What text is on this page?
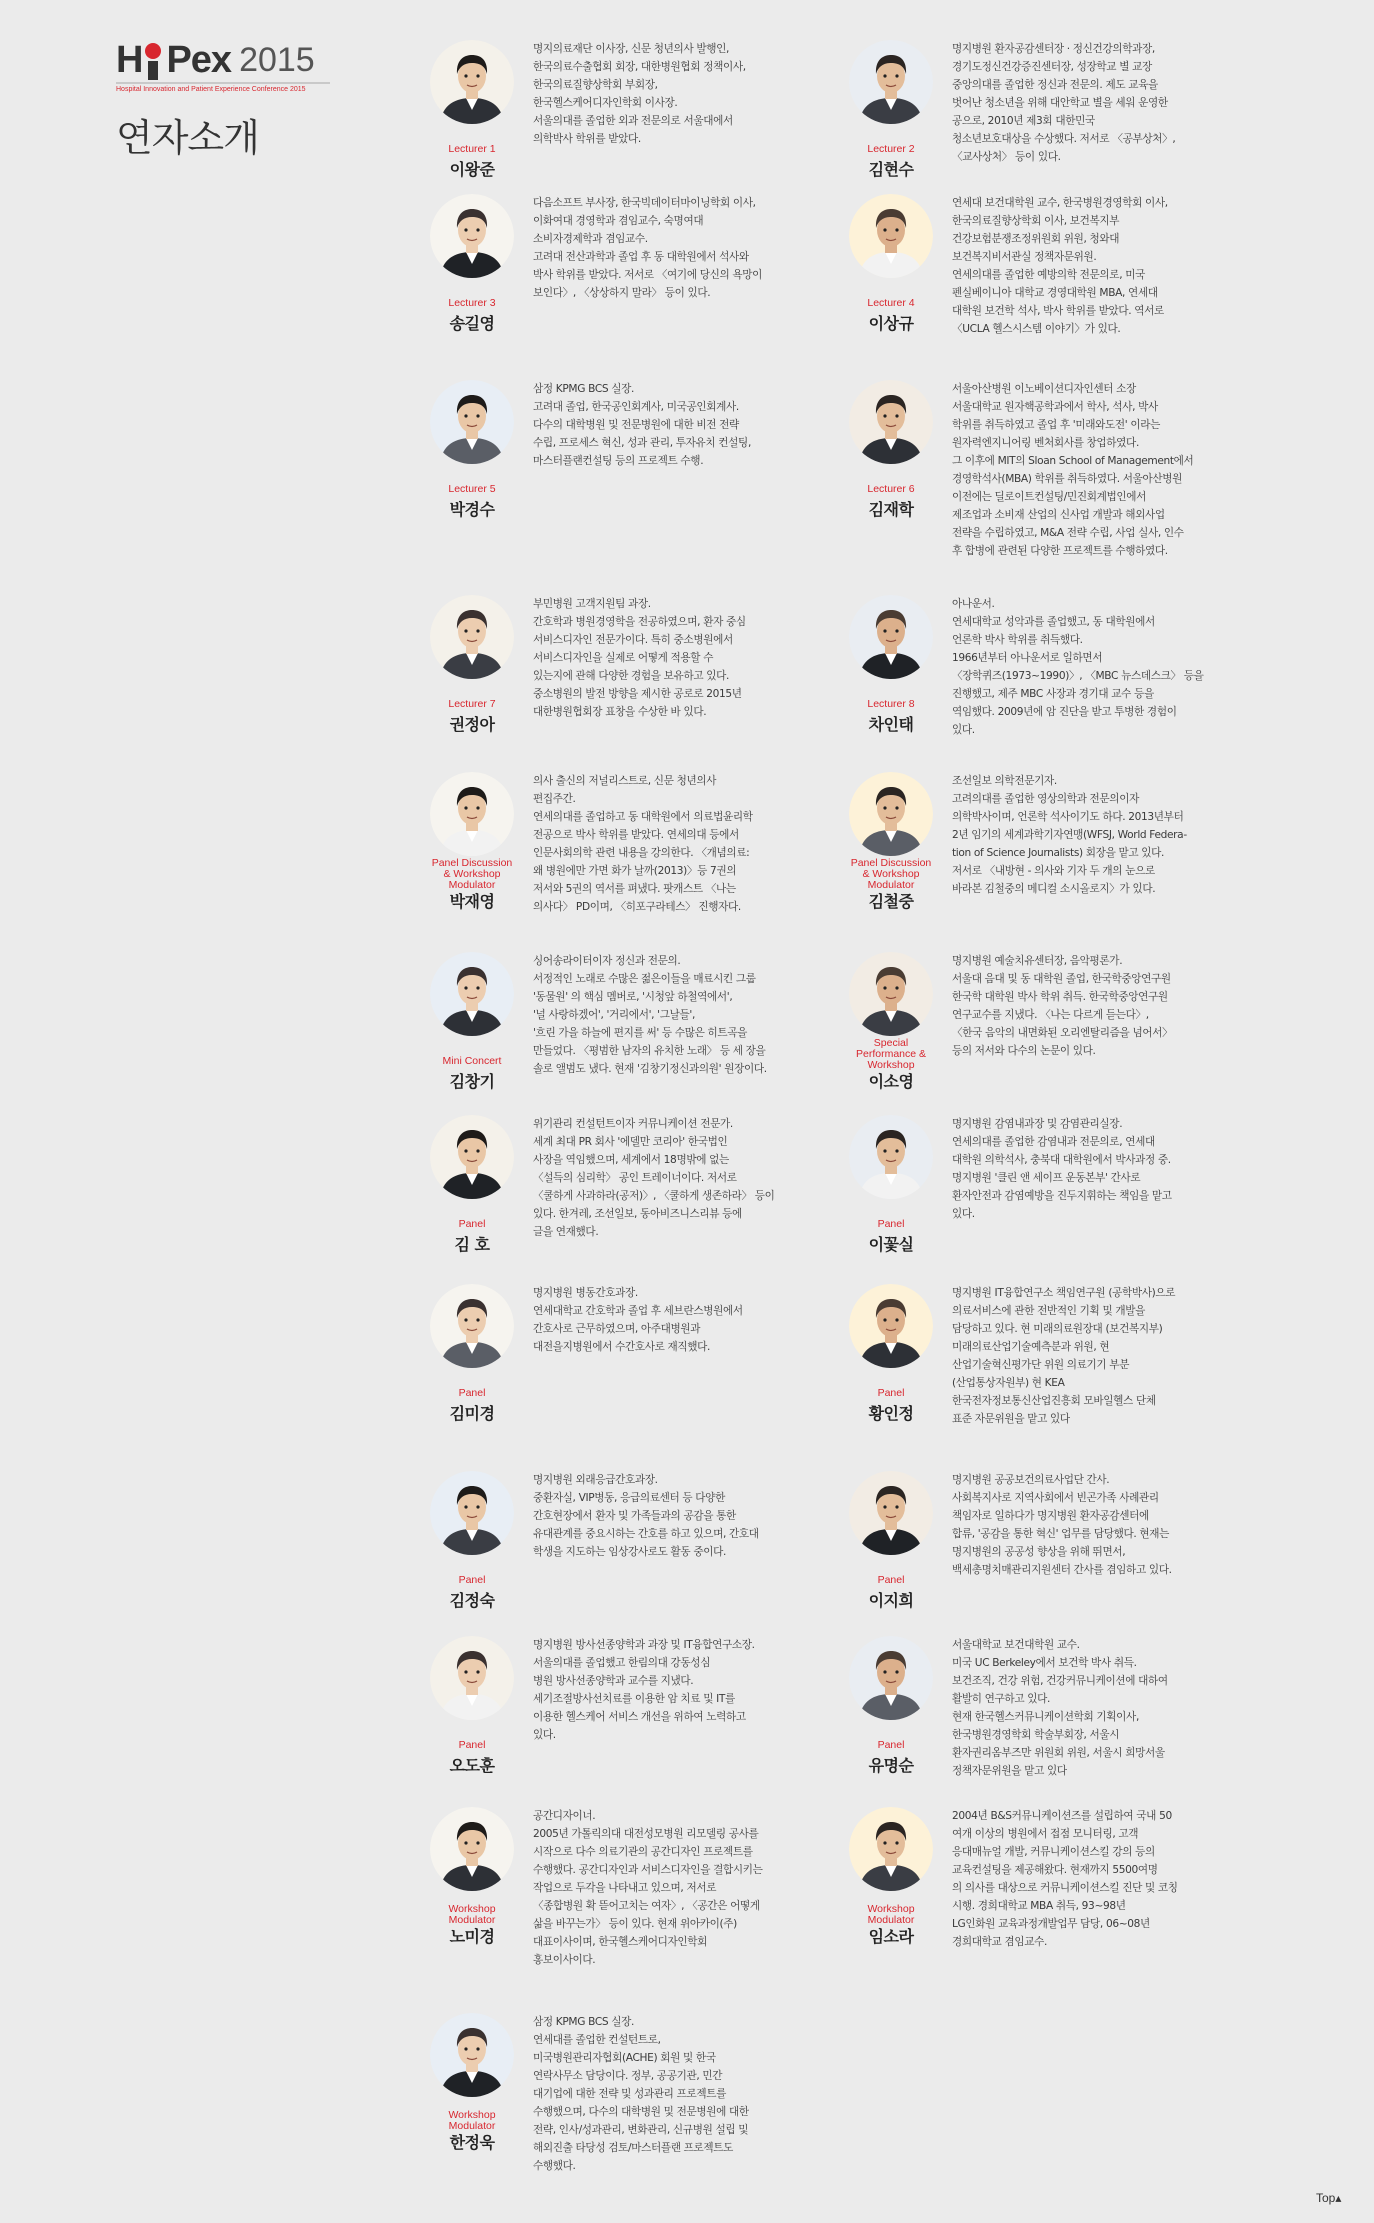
H Pex 2015
Hospital Innovation and Patient Experience Conference 2015
연자소개	Lecturer 1
이왕준

명지의료재단 이사장, 신문 청년의사 발행인,

한국의료수출협회 회장, 대한병원협회 정책이사,

한국의료질향상학회 부회장,

한국헬스케어디자인학회 이사장.

서울의대를 졸업한 외과 전문의로 서울대에서

의학박사 학위를 받았다.

Lecturer 2
김현수

명지병원 환자공감센터장 · 정신건강의학과장,

경기도정신건강증진센터장, 성장학교 별 교장

중앙의대를 졸업한 정신과 전문의. 제도 교육을

벗어난 청소년을 위해 대안학교 별을 세워 운영한

공으로, 2010년 제3회 대한민국

청소년보호대상을 수상했다. 저서로 〈공부상처〉,

〈교사상처〉 등이 있다.

Lecturer 3
송길영

다음소프트 부사장, 한국빅데이터마이닝학회 이사,

이화여대 경영학과 겸임교수, 숙명여대

소비자경제학과 겸임교수.

고려대 전산과학과 졸업 후 동 대학원에서 석사와

박사 학위를 받았다. 저서로 〈여기에 당신의 욕망이

보인다〉, 〈상상하지 말라〉 등이 있다.

Lecturer 4
이상규

연세대 보건대학원 교수, 한국병원경영학회 이사,

한국의료질향상학회 이사, 보건복지부

건강보험분쟁조정위원회 위원, 청와대

보건복지비서관실 정책자문위원.

연세의대를 졸업한 예방의학 전문의로, 미국

펜실베이니아 대학교 경영대학원 MBA, 연세대

대학원 보건학 석사, 박사 학위를 받았다. 역서로

〈UCLA 헬스시스템 이야기〉가 있다.

Lecturer 5
박경수

삼정 KPMG BCS 실장.

고려대 졸업, 한국공인회계사, 미국공인회계사.

다수의 대학병원 및 전문병원에 대한 비전 전략

수립, 프로세스 혁신, 성과 관리, 투자유치 컨설팅,

마스터플랜컨설팅 등의 프로젝트 수행.

Lecturer 6
김재학

서울아산병원 이노베이션디자인센터 소장

서울대학교 원자핵공학과에서 학사, 석사, 박사

학위를 취득하였고 졸업 후 '미래와도전' 이라는

원자력엔지니어링 벤처회사를 창업하였다.

그 이후에 MIT의 Sloan School of Management에서

경영학석사(MBA) 학위를 취득하였다. 서울아산병원

이전에는 딜로이트컨설팅/민진회계법인에서

제조업과 소비재 산업의 신사업 개발과 해외사업

전략을 수립하였고, M&A 전략 수립, 사업 실사, 인수

후 합병에 관련된 다양한 프로젝트를 수행하였다.

Lecturer 7
권정아

부민병원 고객지원팀 과장.

간호학과 병원경영학을 전공하였으며, 환자 중심

서비스디자인 전문가이다. 특히 중소병원에서

서비스디자인을 실제로 어떻게 적용할 수

있는지에 관해 다양한 경험을 보유하고 있다.

중소병원의 발전 방향을 제시한 공로로 2015년

대한병원협회장 표창을 수상한 바 있다.

Lecturer 8
차인태

아나운서.

연세대학교 성악과를 졸업했고, 동 대학원에서

언론학 박사 학위를 취득했다.

1966년부터 아나운서로 일하면서

〈장학퀴즈(1973~1990)〉, 〈MBC 뉴스데스크〉 등을

진행했고, 제주 MBC 사장과 경기대 교수 등을

역임했다. 2009년에 암 진단을 받고 투병한 경험이

있다.

Panel Discussion
& Workshop
Modulator
박재영

의사 출신의 저널리스트로, 신문 청년의사

편집주간.

연세의대를 졸업하고 동 대학원에서 의료법윤리학

전공으로 박사 학위를 받았다. 연세의대 등에서

인문사회의학 관련 내용을 강의한다. 〈개념의료:

왜 병원에만 가면 화가 날까(2013)〉등 7권의

저서와 5권의 역서를 펴냈다. 팟캐스트 〈나는

의사다〉 PD이며, 〈히포구라테스〉 진행자다.

Panel Discussion
& Workshop
Modulator
김철중

조선일보 의학전문기자.

고려의대를 졸업한 영상의학과 전문의이자

의학박사이며, 언론학 석사이기도 하다. 2013년부터

2년 임기의 세계과학기자연맹(WFSJ, World Federa-

tion of Science Journalists) 회장을 맡고 있다.

저서로 〈내방현 - 의사와 기자 두 개의 눈으로

바라본 김철중의 메디컬 소시올로지〉가 있다.

Mini Concert
김창기

싱어송라이터이자 정신과 전문의.

서정적인 노래로 수많은 젊은이들을 매료시킨 그룹

'동물원' 의 핵심 멤버로, '시청앞 하철역에서',

'널 사랑하겠어', '거리에서', '그날들',

'흐린 가을 하늘에 편지를 써' 등 수많은 히트곡을

만들었다. 〈평범한 남자의 유치한 노래〉 등 세 장을

솔로 앨범도 냈다. 현재 '김창기정신과의원' 원장이다.

Special
Performance &
Workshop
이소영

명지병원 예술치유센터장, 음악평론가.

서울대 음대 및 동 대학원 졸업, 한국학중앙연구원

한국학 대학원 박사 학위 취득. 한국학중앙연구원

연구교수를 지냈다. 〈나는 다르게 듣는다〉,

〈한국 음악의 내면화된 오리엔탈리즘을 넘어서〉

등의 저서와 다수의 논문이 있다.

Panel
김 호

위기관리 컨설턴트이자 커뮤니케이션 전문가.

세계 최대 PR 회사 '에델만 코리아' 한국법인

사장을 역임했으며, 세계에서 18명밖에 없는

〈설득의 심리학〉 공인 트레이너이다. 저서로

〈쿨하게 사과하라(공저)〉, 〈쿨하게 생존하라〉 등이

있다. 한겨레, 조선일보, 동아비즈니스리뷰 등에

글을 연재했다.

Panel
이꽃실

명지병원 감염내과장 및 감염관리실장.

연세의대를 졸업한 감염내과 전문의로, 연세대

대학원 의학석사, 충북대 대학원에서 박사과정 중.

명지병원 '클린 앤 세이프 운동본부' 간사로

환자안전과 감염예방을 진두지휘하는 책임을 맡고

있다.

Panel
김미경

명지병원 병동간호과장.

연세대학교 간호학과 졸업 후 세브란스병원에서

간호사로 근무하였으며, 아주대병원과

대전을지병원에서 수간호사로 재직했다.

Panel
황인정

명지병원 IT융합연구소 책임연구원 (공학박사)으로

의료서비스에 관한 전반적인 기획 및 개발을

담당하고 있다. 현 미래의료원장대 (보건복지부)

미래의료산업기술예측분과 위원, 현

산업기술혁신평가단 위원 의료기기 부분

(산업통상자원부) 현 KEA

한국전자정보통신산업진흥회 모바일헬스 단체

표준 자문위원을 맡고 있다

Panel
김정숙

명지병원 외래응급간호과장.

중환자실, VIP병동, 응급의료센터 등 다양한

간호현장에서 환자 및 가족들과의 공감을 통한

유대관계를 중요시하는 간호를 하고 있으며, 간호대

학생을 지도하는 임상강사로도 활동 중이다.

Panel
이지희

명지병원 공공보건의료사업단 간사.

사회복지사로 지역사회에서 빈곤가족 사례관리

책임자로 일하다가 명지병원 환자공감센터에

합류, '공감을 통한 혁신' 업무를 담당했다. 현재는

명지병원의 공공성 향상을 위해 뛰면서,

백세총명치매관리지원센터 간사를 겸임하고 있다.

Panel
오도훈

명지병원 방사선종양학과 과장 및 IT융합연구소장.

서울의대를 졸업했고 한림의대 강동성심

병원 방사선종양학과 교수를 지냈다.

세기조절방사선치료를 이용한 암 치료 및 IT를

이용한 헬스케어 서비스 개선을 위하여 노력하고

있다.

Panel
유명순

서울대학교 보건대학원 교수.

미국 UC Berkeley에서 보건학 박사 취득.

보건조직, 건강 위험, 건강커뮤니케이션에 대하여

활발히 연구하고 있다.

현재 한국헬스커뮤니케이션학회 기획이사,

한국병원경영학회 학술부회장, 서울시

환자권리옴부즈만 위원회 위원, 서울시 희망서울

정책자문위원을 맡고 있다

Workshop
Modulator
노미경

공간디자이너.

2005년 가톨릭의대 대전성모병원 리모델링 공사를

시작으로 다수 의료기관의 공간디자인 프로젝트를

수행했다. 공간디자인과 서비스디자인을 결합시키는

작업으로 두각을 나타내고 있으며, 저서로

〈종합병원 확 뜯어고치는 여자〉, 〈공간은 어떻게

삶을 바꾸는가〉 등이 있다. 현재 위아카이(주)

대표이사이며, 한국헬스케어디자인학회

홍보이사이다.

Workshop
Modulator
임소라

2004년 B&S커뮤니케이션즈를 설립하여 국내 50

여개 이상의 병원에서 접점 모니터링, 고객

응대매뉴얼 개발, 커뮤니케이션스킬 강의 등의

교육컨설팅을 제공해왔다. 현재까지 5500여명

의 의사를 대상으로 커뮤니케이션스킬 진단 및 코칭

시행. 경희대학교 MBA 취득, 93~98년

LG인화원 교육과정개발업무 담당, 06~08년

경희대학교 겸임교수.

Workshop
Modulator
한정욱

삼정 KPMG BCS 실장.

연세대를 졸업한 컨설턴트로,

미국병원관리자협회(ACHE) 회원 및 한국

연락사무소 담당이다. 정부, 공공기관, 민간

대기업에 대한 전략 및 성과관리 프로젝트를

수행했으며, 다수의 대학병원 및 전문병원에 대한

전략, 인사/성과관리, 변화관리, 신규병원 설립 및

해외진출 타당성 검토/마스터플랜 프로젝트도

수행했다.

Top▴
